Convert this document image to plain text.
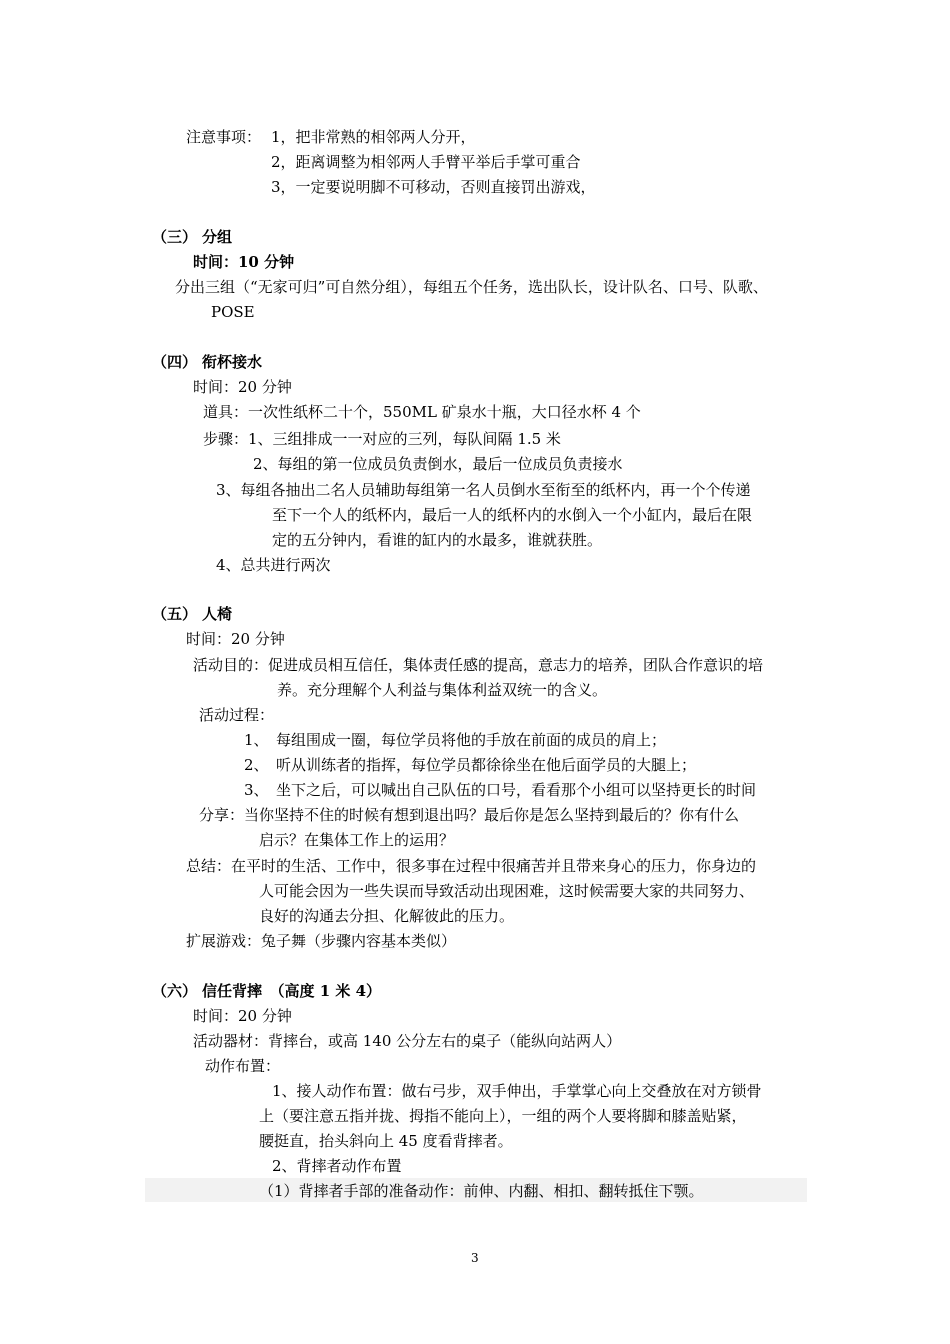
注意事项： 1，把非常熟的相邻两人分开，
2，距离调整为相邻两人手臂平举后手掌可重合
3，一定要说明脚不可移动，否则直接罚出游戏，
（三） 分组
时间：10 分钟
分出三组（“无家可归”可自然分组），每组五个任务，选出队长，设计队名、口号、队歌、
POSE
（四） 衔杯接水
时间：20 分钟
道具：一次性纸杯二十个，550ML 矿泉水十瓶，大口径水杯 4 个
步骤：1、三组排成一一对应的三列，每队间隔 1.5 米
2、每组的第一位成员负责倒水，最后一位成员负责接水
3、每组各抽出二名人员辅助每组第一名人员倒水至衔至的纸杯内，再一个个传递
至下一个人的纸杯内，最后一人的纸杯内的水倒入一个小缸内，最后在限
定的五分钟内，看谁的缸内的水最多，谁就获胜。
4、总共进行两次
（五） 人椅
时间：20 分钟
活动目的：促进成员相互信任，集体责任感的提高，意志力的培养，团队合作意识的培
养。充分理解个人利益与集体利益双统一的含义。
活动过程：
1、　每组围成一圈，每位学员将他的手放在前面的成员的肩上；
2、　听从训练者的指挥，每位学员都徐徐坐在他后面学员的大腿上；
3、　坐下之后，可以喊出自己队伍的口号，看看那个小组可以坚持更长的时间
分享：当你坚持不住的时候有想到退出吗？最后你是怎么坚持到最后的？你有什么
启示？在集体工作上的运用？
总结：在平时的生活、工作中，很多事在过程中很痛苦并且带来身心的压力，你身边的
人可能会因为一些失误而导致活动出现困难，这时候需要大家的共同努力、
良好的沟通去分担、化解彼此的压力。
扩展游戏：兔子舞（步骤内容基本类似）
（六） 信任背摔　（高度 1 米 4）
时间：20 分钟
活动器材：背摔台，或高 140 公分左右的桌子（能纵向站两人）
动作布置：
1、接人动作布置：做右弓步，双手伸出，手掌掌心向上交叠放在对方锁骨
上（要注意五指并拢、拇指不能向上），一组的两个人要将脚和膝盖贴紧，
腰挺直，抬头斜向上 45 度看背摔者。
2、背摔者动作布置
（1）背摔者手部的准备动作：前伸、内翻、相扣、翻转抵住下颚。
3
